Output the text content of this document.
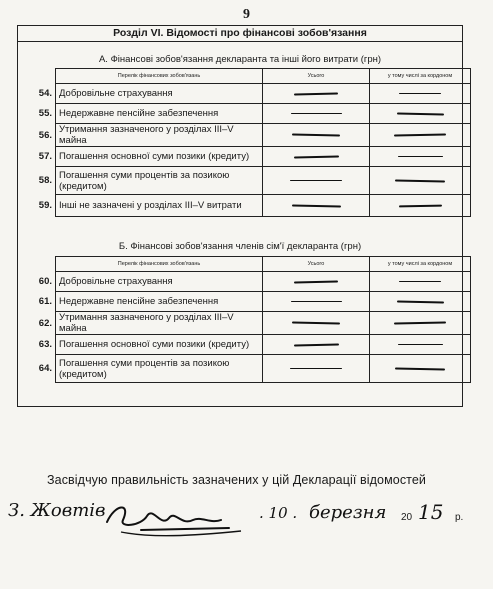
9
Розділ VI. Відомості про фінансові зобов'язання
А. Фінансові зобов'язання декларанта та інші його витрати (грн)
	Перелік фінансових зобов'язань	Усього	у тому числі за кордоном
54.	Добровільне страхування	

55.	Недержавне пенсійне забезпечення	

56.	Утримання зазначеного у розділах III–V майна	

57.	Погашення основної суми позики (кредиту)	

58.	Погашення суми процентів за позикою (кредитом)	

59.	Інші не зазначені у розділах III–V витрати	

Б. Фінансові зобов'язання членів сім'ї декларанта (грн)
	Перелік фінансових зобов'язань	Усього	у тому числі за кордоном
60.	Добровільне страхування	

61.	Недержавне пенсійне забезпечення	

62.	Утримання зазначеного у розділах III–V майна	

63.	Погашення основної суми позики (кредиту)	

64.	Погашення суми процентів за позикою (кредитом)	

Засвідчую правильність зазначених у цій Декларації відомостей
З. Жовтів	. 10 . березня 20 15 р.
